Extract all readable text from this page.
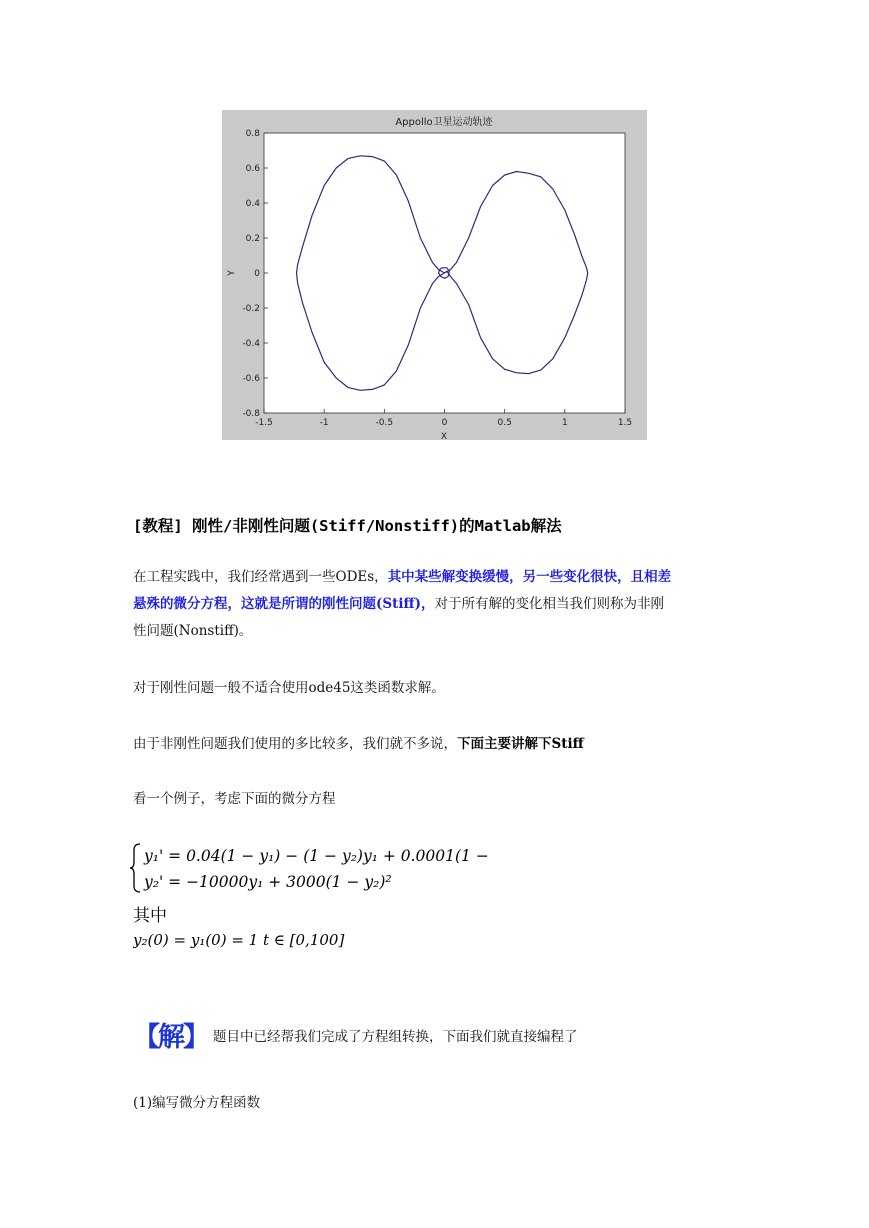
Appollo卫星运动轨迹
X
Y
-1.5	-1	-0.5	0	0.5	1	1.5
0.8
0.6
0.4
0.2
0
-0.2
-0.4
-0.6
-0.8
[教程] 刚性/非刚性问题(Stiff/Nonstiff)的Matlab解法
在工程实践中，我们经常遇到一些ODEs，其中某些解变换缓慢，另一些变化很快，且相差
悬殊的微分方程，这就是所谓的刚性问题(Stiff)，对于所有解的变化相当我们则称为非刚
性问题(Nonstiff)。
对于刚性问题一般不适合使用ode45这类函数求解。
由于非刚性问题我们使用的多比较多，我们就不多说，下面主要讲解下Stiff
看一个例子，考虑下面的微分方程
y₁' = 0.04(1 − y₁) − (1 − y₂)y₁ + 0.0001(1 − y₂)²
y₂' = −10000y₁ + 3000(1 − y₂)²
其中
y₂(0) = y₁(0) = 1 t ∈ [0,100]
【解】 题目中已经帮我们完成了方程组转换，下面我们就直接编程了
(1)编写微分方程函数
